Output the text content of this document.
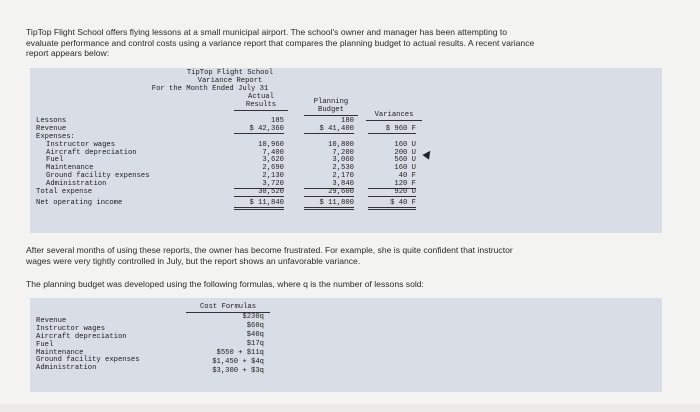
TipTop Flight School offers flying lessons at a small municipal airport. The school's owner and manager has been attempting to
evaluate performance and control costs using a variance report that compares the planning budget to actual results. A recent variance
report appears below:
TipTop Flight School
Variance Report
For the Month Ended July 31
Actual
Results	Planning
Budget
Variances
Lessons
Revenue
Expenses:
Instructor wages
Aircraft depreciation
Fuel
Maintenance
Ground facility expenses
Administration
Total expense
Net operating income
185
$ 42,360
10,960
7,400
3,620
2,690
2,130
3,720
30,520
$ 11,840
180
$ 41,400
10,800
7,200
3,060
2,530
2,170
3,840
29,600
$ 11,800
$ 960 F
160 U
200 U
560 U
160 U
40 F
120 F
920 U
$ 40 F
After several months of using these reports, the owner has become frustrated. For example, she is quite confident that instructor
wages were very tightly controlled in July, but the report shows an unfavorable variance.
The planning budget was developed using the following formulas, where q is the number of lessons sold:
Cost Formulas
Revenue
Instructor wages
Aircraft depreciation
Fuel
Maintenance
Ground facility expenses
Administration
$230q
$60q
$40q
$17q
$550 + $11q
$1,450 + $4q
$3,300 + $3q
